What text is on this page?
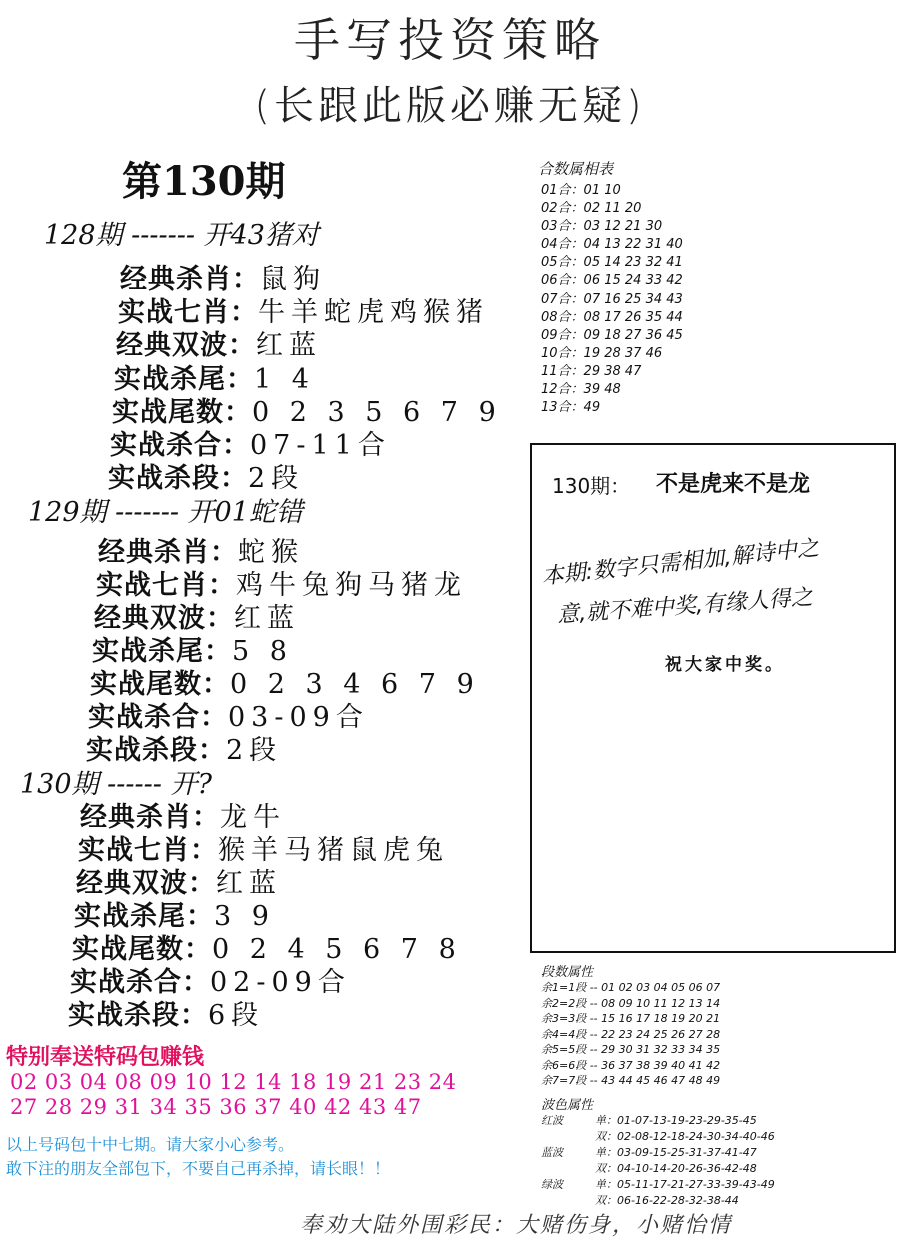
手写投资策略
(长跟此版必赚无疑)
第130期
128期 ------- 开43猪对
经典杀肖：鼠狗
实战七肖：牛羊蛇虎鸡猴猪
经典双波：红蓝
实战杀尾：1 4
实战尾数：0 2 3 5 6 7 9
实战杀合：07-11合
实战杀段：2段
129期 ------- 开01蛇错
经典杀肖：蛇猴
实战七肖：鸡牛兔狗马猪龙
经典双波：红蓝
实战杀尾：5 8
实战尾数：0 2 3 4 6 7 9
实战杀合：03-09合
实战杀段：2段
130期 ------ 开?
经典杀肖：龙牛
实战七肖：猴羊马猪鼠虎兔
经典双波：红蓝
实战杀尾：3 9
实战尾数：0 2 4 5 6 7 8
实战杀合：02-09合
实战杀段：6段
合数属相表
01合：01 10
02合：02 11 20
03合：03 12 21 30
04合：04 13 22 31 40
05合：05 14 23 32 41
06合：06 15 24 33 42
07合：07 16 25 34 43
08合：08 17 26 35 44
09合：09 18 27 36 45
10合：19 28 37 46
11合：29 38 47
12合：39 48
13合：49
130期： 不是虎来不是龙
本期:数字只需相加,解诗中之
意,就不难中奖,有缘人得之
祝大家中奖。
段数属性
余1=1段 -- 01 02 03 04 05 06 07
余2=2段 -- 08 09 10 11 12 13 14
余3=3段 -- 15 16 17 18 19 20 21
余4=4段 -- 22 23 24 25 26 27 28
余5=5段 -- 29 30 31 32 33 34 35
余6=6段 -- 36 37 38 39 40 41 42
余7=7段 -- 43 44 45 46 47 48 49
波色属性
红波	单：01-07-13-19-23-29-35-45
双：02-08-12-18-24-30-34-40-46
蓝波	单：03-09-15-25-31-37-41-47
双：04-10-14-20-26-36-42-48
绿波	单：05-11-17-21-27-33-39-43-49
双：06-16-22-28-32-38-44
特别奉送特码包赚钱
02 03 04 08 09 10 12 14 18 19 21 23 24
27 28 29 31 34 35 36 37 40 42 43 47
以上号码包十中七期。请大家小心参考。
敢下注的朋友全部包下，不要自己再杀掉，请长眼！！
奉劝大陆外围彩民：大赌伤身，小赌怡情
